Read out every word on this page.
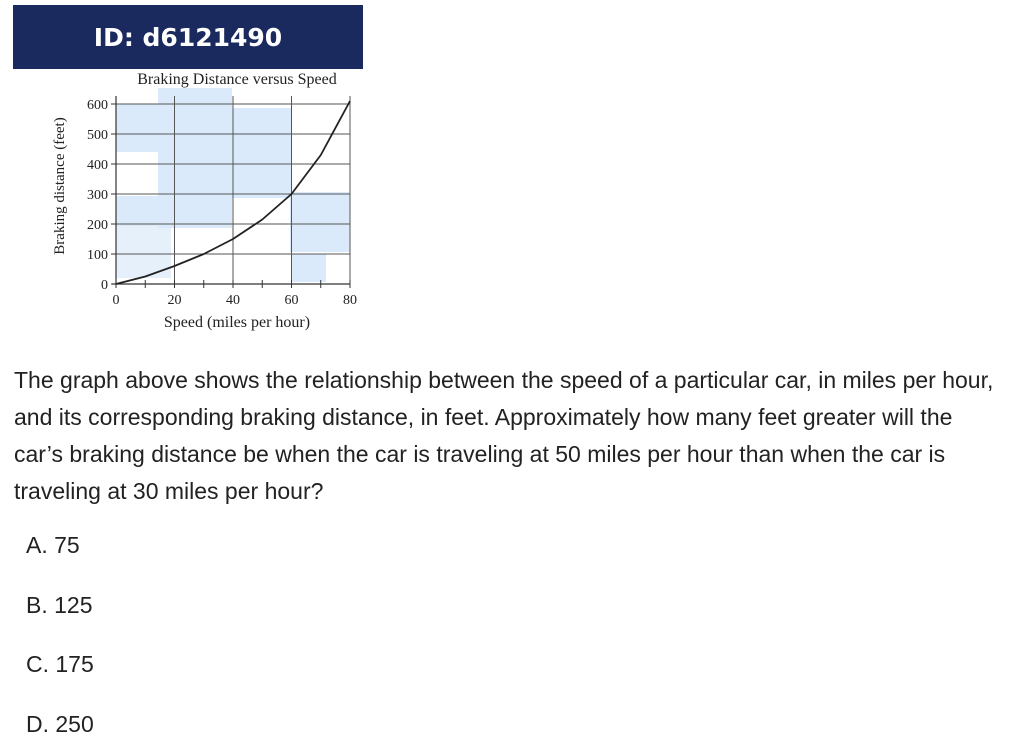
ID: d6121490
0
100
200
300
400
500
600
0	20	40	60	80
Braking Distance versus Speed
Speed (miles per hour)
Braking distance (feet)

The graph above shows the relationship between the speed of a particular car, in miles per hour, and its corresponding braking distance, in feet. Approximately how many feet greater will the car’s braking distance be when the car is traveling at 50 miles per hour than when the car is traveling at 30 miles per hour?

A. 75

B. 125

C. 175

D. 250
